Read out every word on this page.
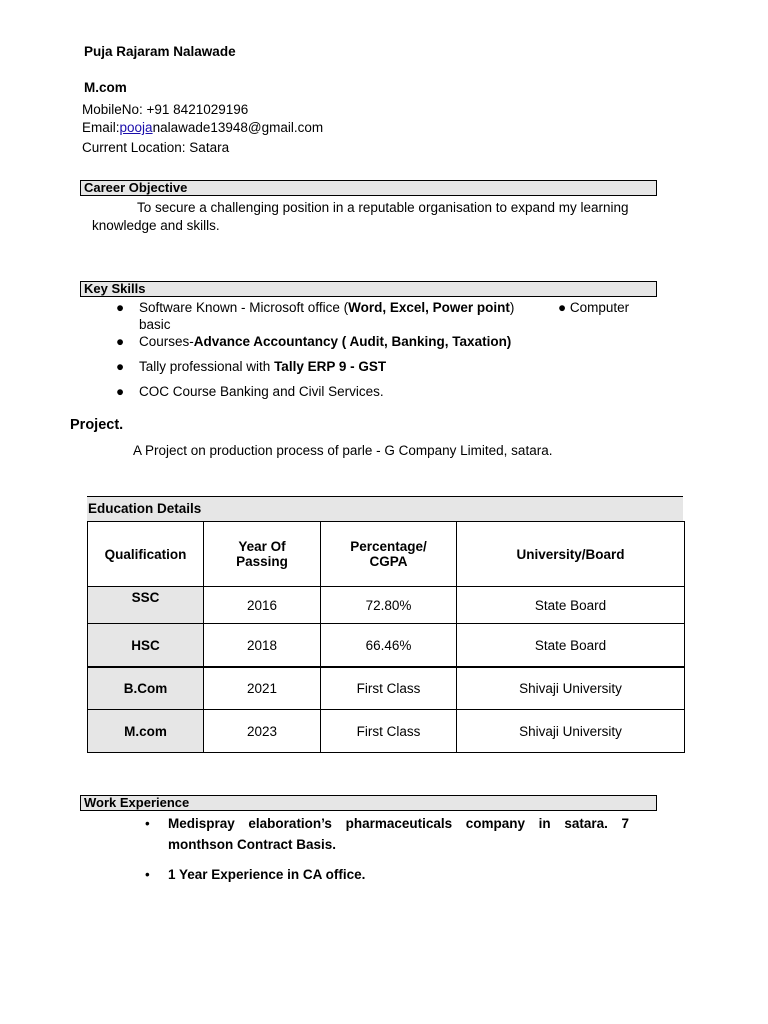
Puja Rajaram Nalawade
M.com
MobileNo: +91 8421029196
Email:poojanalawade13948@gmail.com
Current Location: Satara
Career Objective
To secure a challenging position in a reputable organisation to expand my learning knowledge and skills.
Key Skills
● Software Known - Microsoft office (Word, Excel, Power point)	● Computer

basic
● Courses-Advance Accountancy ( Audit, Banking, Taxation)
● Tally professional with Tally ERP 9 - GST
● COC Course Banking and Civil Services.
Project.
A Project on production process of parle - G Company Limited, satara.
Education Details
Qualification	Year Of Passing	Percentage/ CGPA	University/Board
SSC	2016	72.80%	State Board
HSC	2018	66.46%	State Board
B.Com	2021	First Class	Shivaji University
M.com	2023	First Class	Shivaji University
Work Experience
• Medispray elaboration’s pharmaceuticals company in satara. 7 monthson Contract Basis.
• 1 Year Experience in CA office.
